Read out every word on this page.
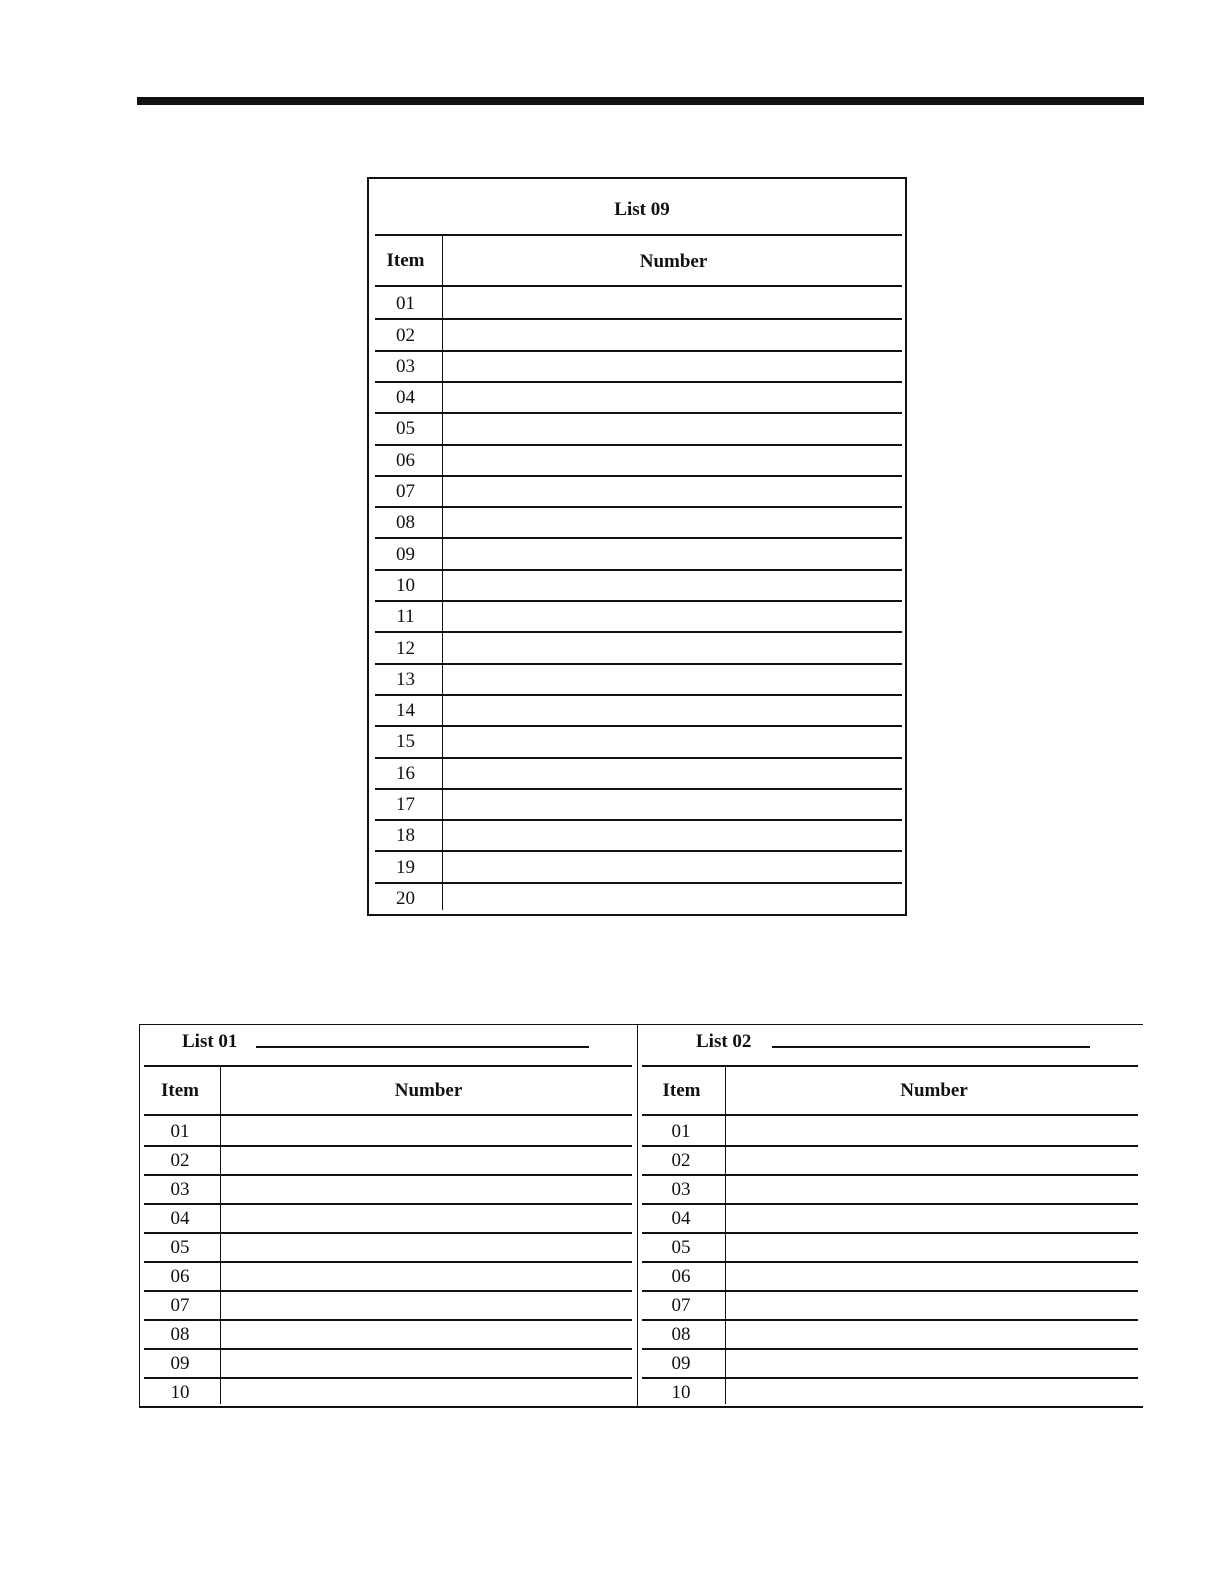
List 09
Item	Number
01
02
03
04
05
06
07
08
09
10
11
12
13
14
15
16
17
18
19
20
List 01
Item	Number
01
02
03
04
05
06
07
08
09
10
List 02
Item	Number
01
02
03
04
05
06
07
08
09
10
